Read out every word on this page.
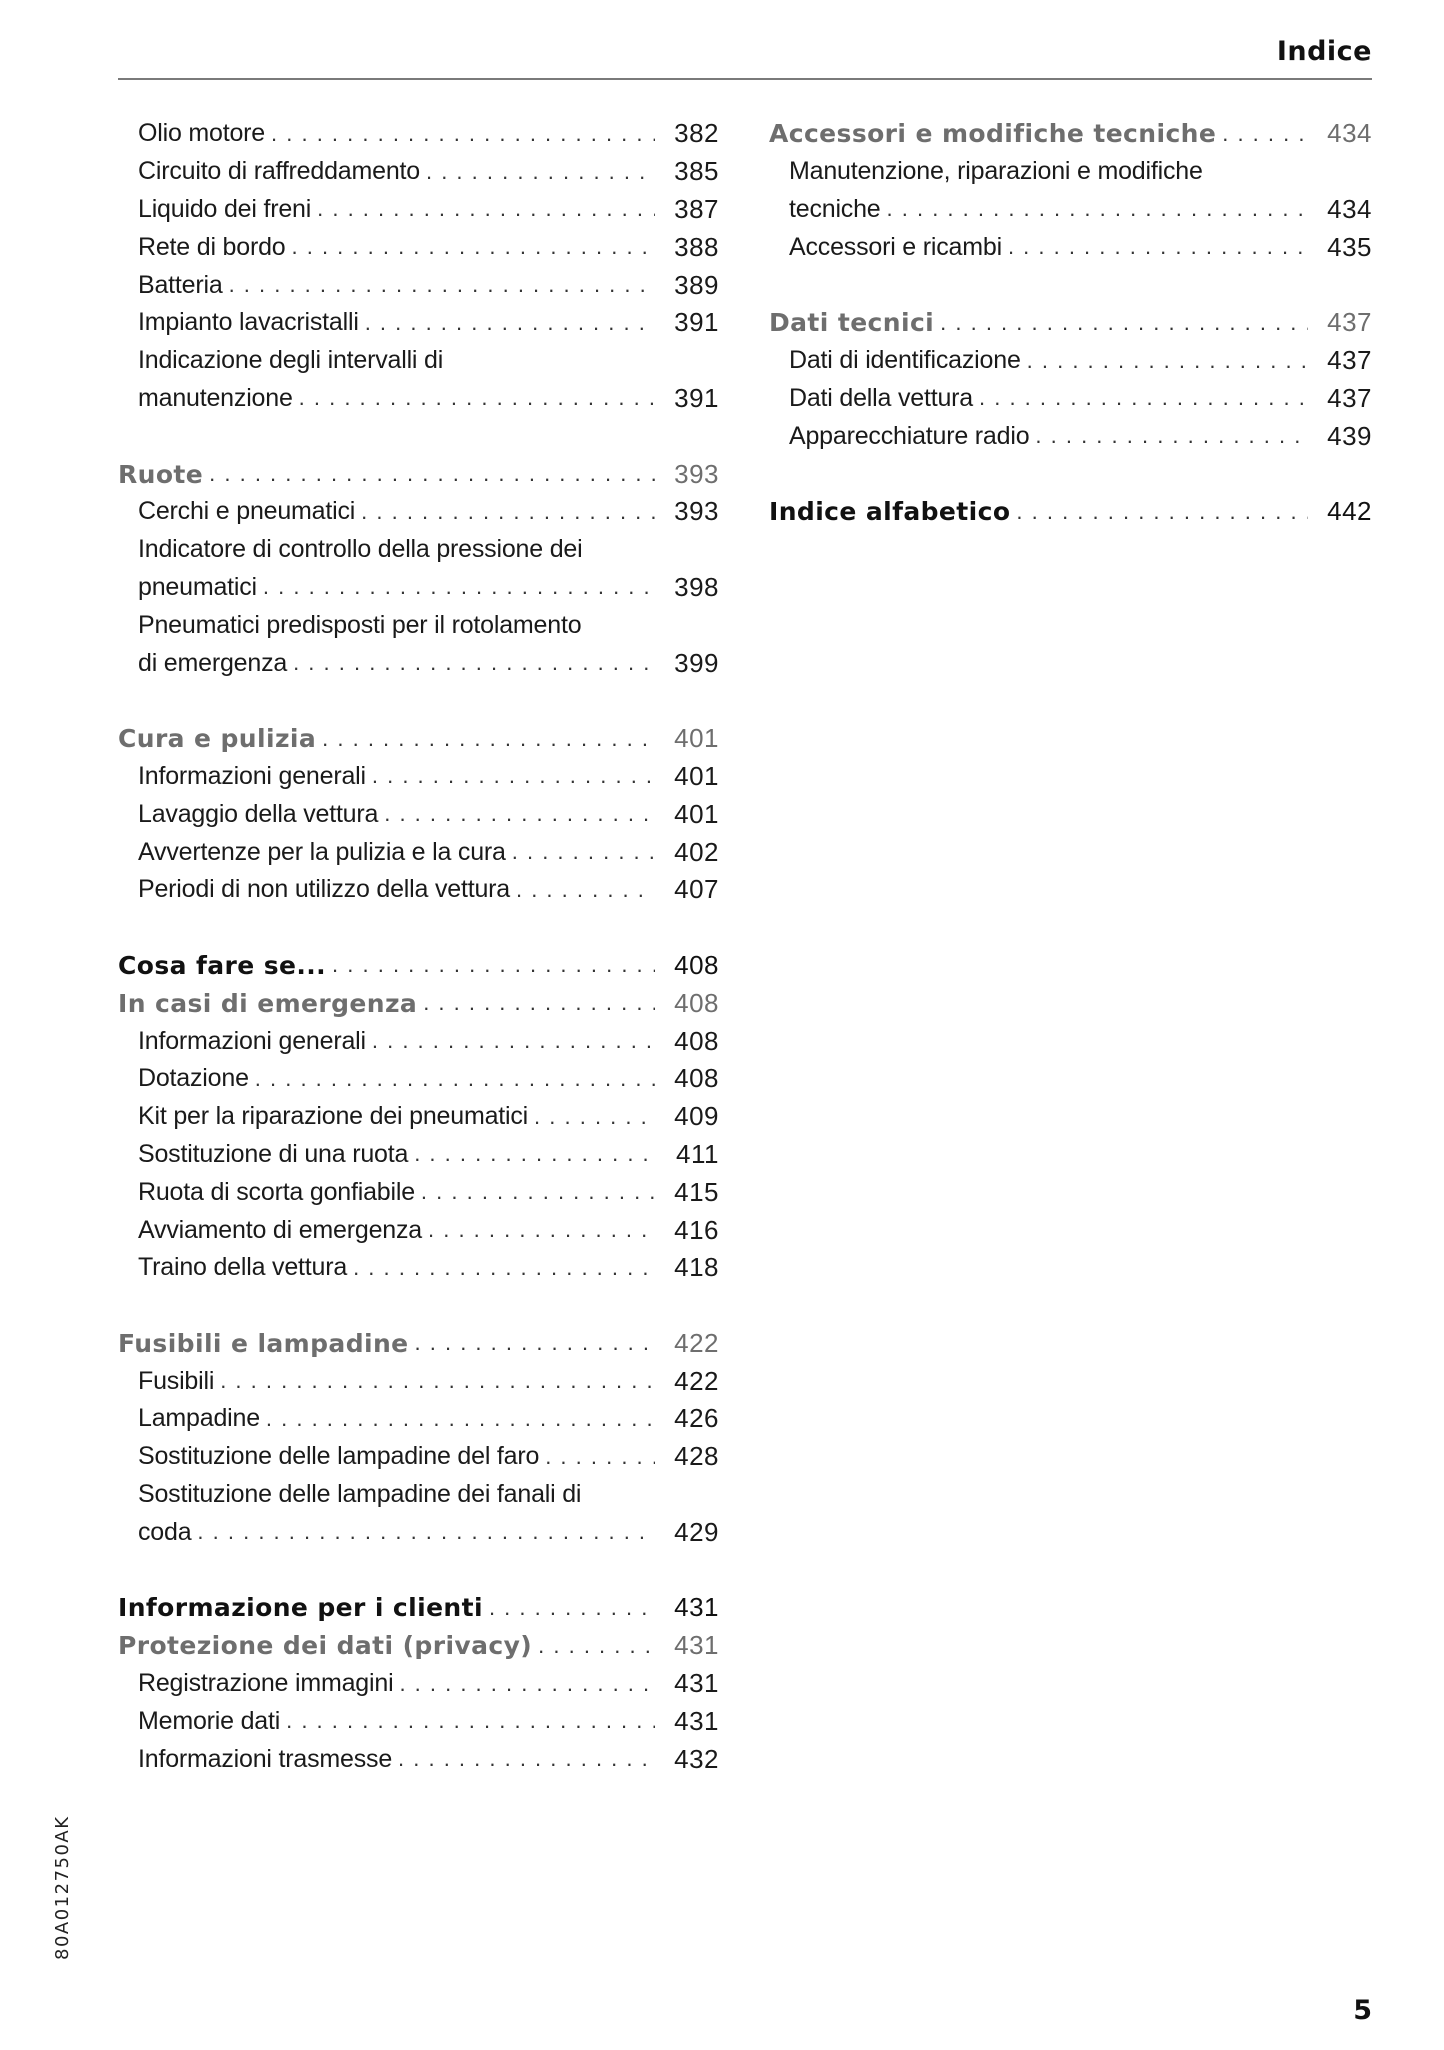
Indice
Olio motore . . .	382
Circuito di raffreddamento . . .	385
Liquido dei freni . . .	387
Rete di bordo . . .	388
Batteria . . .	389
Impianto lavacristalli . . .	391
Indicazione degli intervalli di
manutenzione . . .	391
Ruote . . .	393
Cerchi e pneumatici . . .	393
Indicatore di controllo della pressione dei
pneumatici . . .	398
Pneumatici predisposti per il rotolamento
di emergenza . . .	399
Cura e pulizia . . .	401
Informazioni generali . . .	401
Lavaggio della vettura . . .	401
Avvertenze per la pulizia e la cura . . .	402
Periodi di non utilizzo della vettura . . .	407
Cosa fare se... . . .	408
In casi di emergenza . . .	408
Informazioni generali . . .	408
Dotazione . . .	408
Kit per la riparazione dei pneumatici . . .	409
Sostituzione di una ruota . . .	411
Ruota di scorta gonfiabile . . .	415
Avviamento di emergenza . . .	416
Traino della vettura . . .	418
Fusibili e lampadine . . .	422
Fusibili . . .	422
Lampadine . . .	426
Sostituzione delle lampadine del faro . . .	428
Sostituzione delle lampadine dei fanali di
coda . . .	429
Informazione per i clienti . . .	431
Protezione dei dati (privacy) . . .	431
Registrazione immagini . . .	431
Memorie dati . . .	431
Informazioni trasmesse . . .	432
Accessori e modifiche tecniche . . .	434
Manutenzione, riparazioni e modifiche
tecniche . . .	434
Accessori e ricambi . . .	435
Dati tecnici . . .	437
Dati di identificazione . . .	437
Dati della vettura . . .	437
Apparecchiature radio . . .	439
Indice alfabetico . . .	442
80A012750AK
5
